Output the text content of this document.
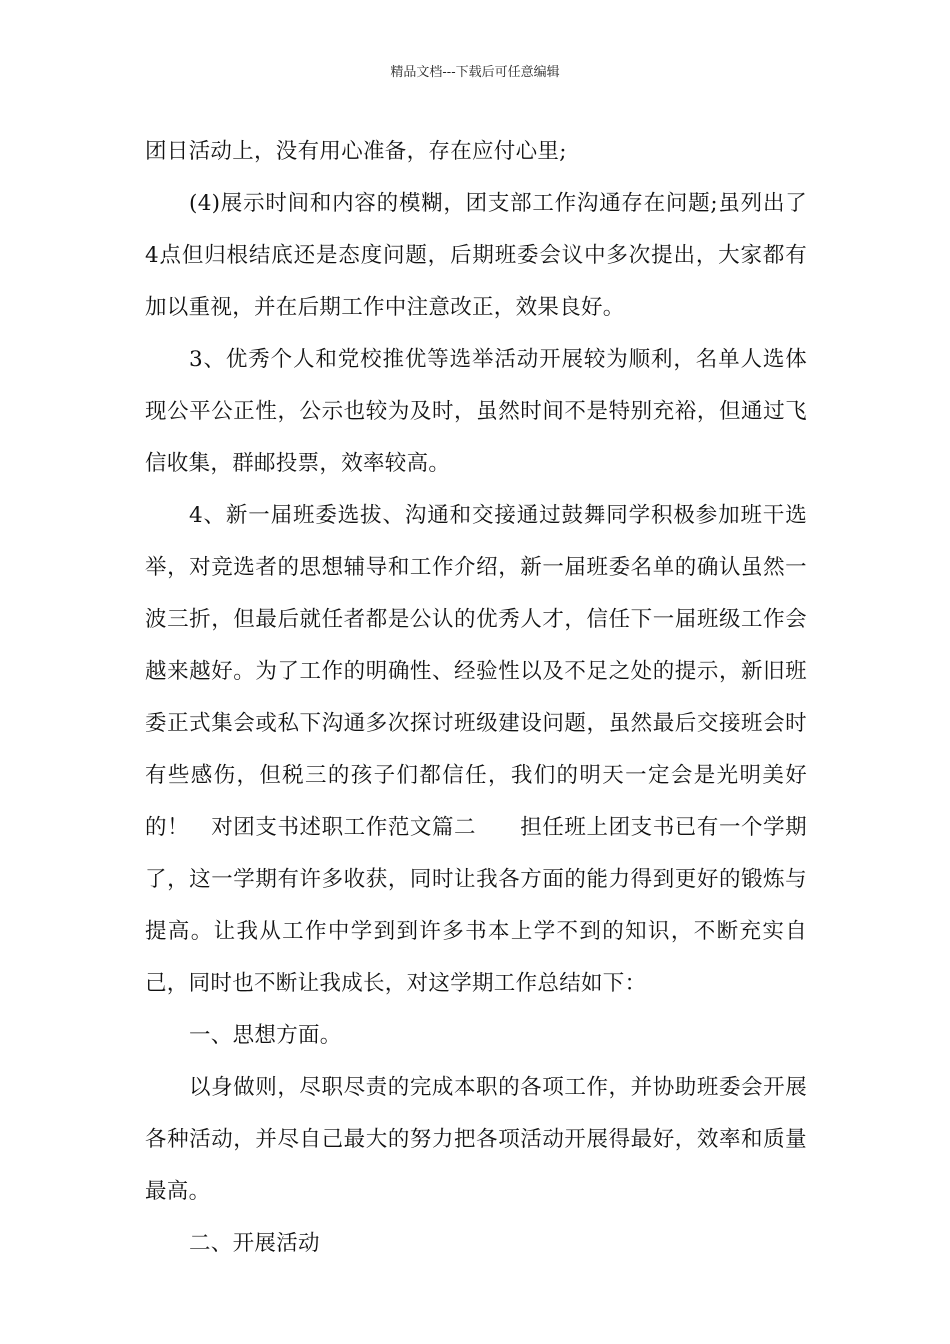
精品文档---下载后可任意编辑

团日活动上，没有用心准备，存在应付心里;

(4)展示时间和内容的模糊，团支部工作沟通存在问题;虽列出了4点但归根结底还是态度问题，后期班委会议中多次提出，大家都有加以重视，并在后期工作中注意改正，效果良好。

3、优秀个人和党校推优等选举活动开展较为顺利，名单人选体现公平公正性，公示也较为及时，虽然时间不是特别充裕，但通过飞信收集，群邮投票，效率较高。

4、新一届班委选拔、沟通和交接通过鼓舞同学积极参加班干选举，对竞选者的思想辅导和工作介绍，新一届班委名单的确认虽然一波三折，但最后就任者都是公认的优秀人才，信任下一届班级工作会越来越好。为了工作的明确性、经验性以及不足之处的提示，新旧班委正式集会或私下沟通多次探讨班级建设问题，虽然最后交接班会时有些感伤，但税三的孩子们都信任，我们的明天一定会是光明美好的！　对团支书述职工作范文篇二　　担任班上团支书已有一个学期了，这一学期有许多收获，同时让我各方面的能力得到更好的锻炼与提高。让我从工作中学到到许多书本上学不到的知识，不断充实自己，同时也不断让我成长，对这学期工作总结如下：

一、思想方面。

以身做则，尽职尽责的完成本职的各项工作，并协助班委会开展各种活动，并尽自己最大的努力把各项活动开展得最好，效率和质量最高。

二、开展活动
